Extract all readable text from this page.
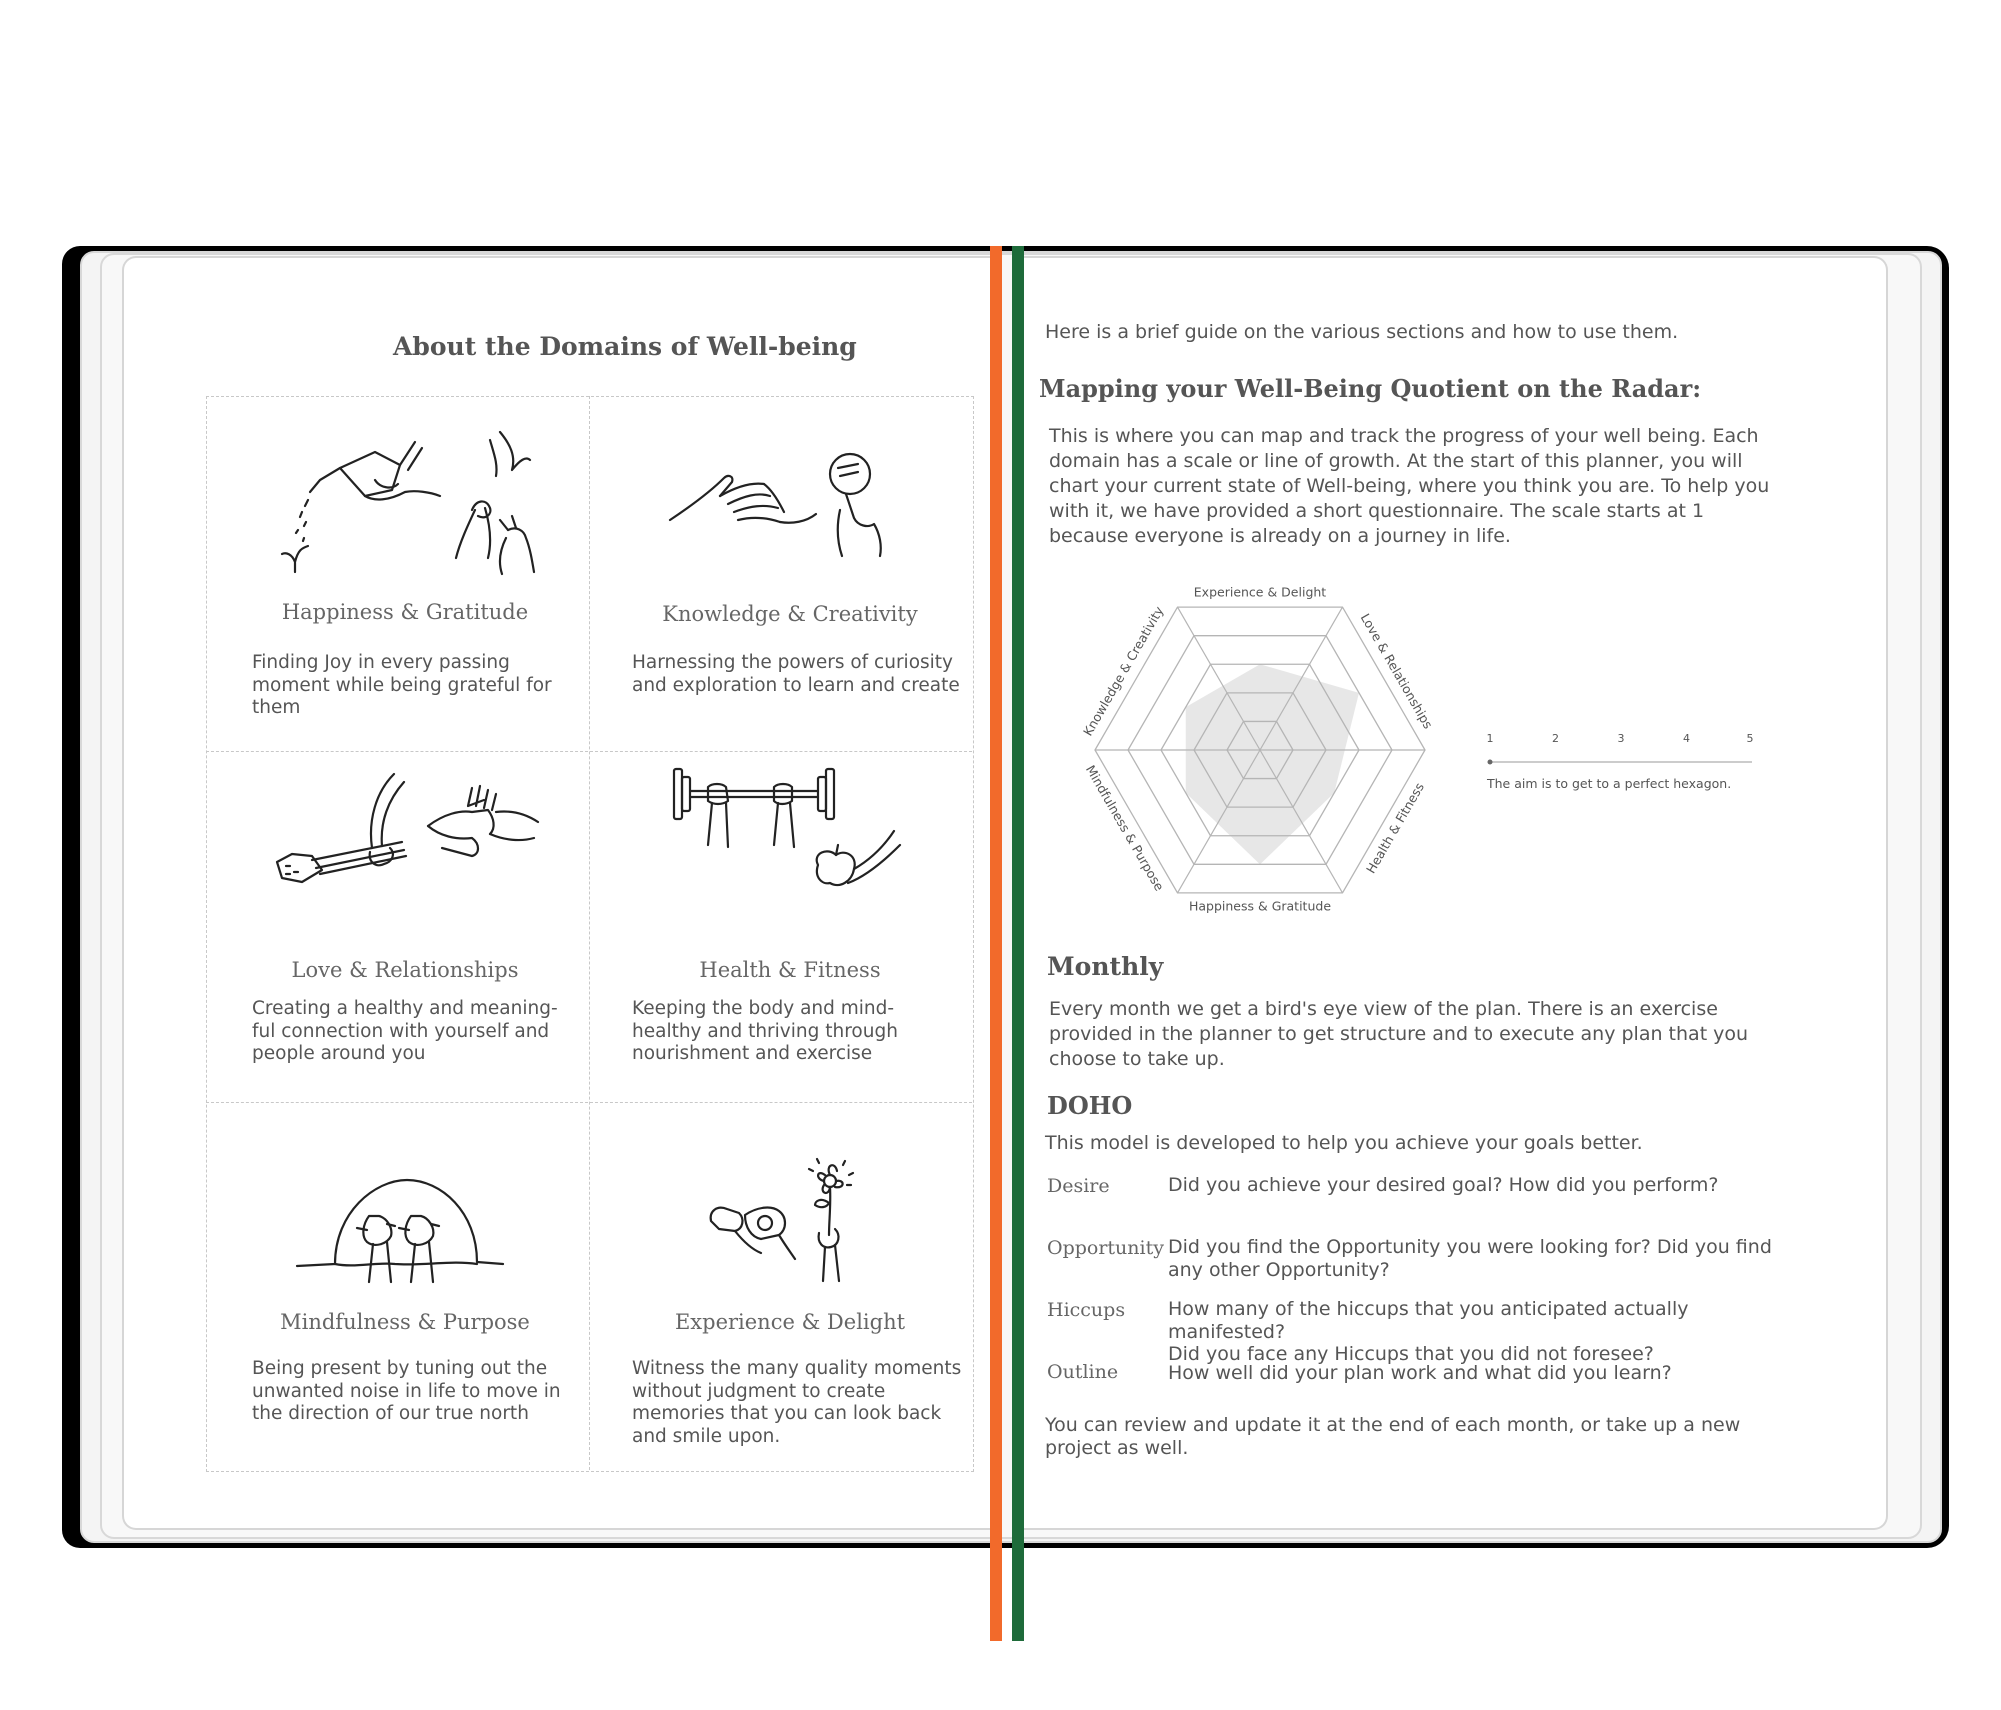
About the Domains of Well-being
Happiness & Gratitude
Finding Joy in every passing moment while being grateful for them
Knowledge & Creativity
Harnessing the powers of curiosity and exploration to learn and create
Love & Relationships
Creating a healthy and meaning-ful connection with yourself and people around you
Health & Fitness
Keeping the body and mind-healthy and thriving through nourishment and exercise
Mindfulness & Purpose
Being present by tuning out the unwanted noise in life to move in the direction of our true north
Experience & Delight
Witness the many quality moments without judgment to create memories that you can look back and smile upon.
Here is a brief guide on the various sections and how to use them.
Mapping your Well-Being Quotient on the Radar:
This is where you can map and track the progress of your well being. Each
domain has a scale or line of growth. At the start of this planner, you will
chart your current state of Well-being, where you think you are. To help you
with it, we have provided a short questionnaire. The scale starts at 1
because everyone is already on a journey in life.
Experience & Delight
Love & Relationships
Health & Fitness
Happiness & Gratitude
Mindfulness & Purpose
Knowledge & Creativity
1	2	3	4	5
The aim is to get to a perfect hexagon.
Monthly
Every month we get a bird's eye view of the plan. There is an exercise
provided in the planner to get structure and to execute any plan that you
choose to take up.
DOHO
This model is developed to help you achieve your goals better.
Desire	Did you achieve your desired goal? How did you perform?
Opportunity Did you find the Opportunity you were looking for? Did you find
any other Opportunity?
Hiccups How many of the hiccups that you anticipated actually manifested?
Did you face any Hiccups that you did not foresee?
Outline	How well did your plan work and what did you learn?
You can review and update it at the end of each month, or take up a new
project as well.
